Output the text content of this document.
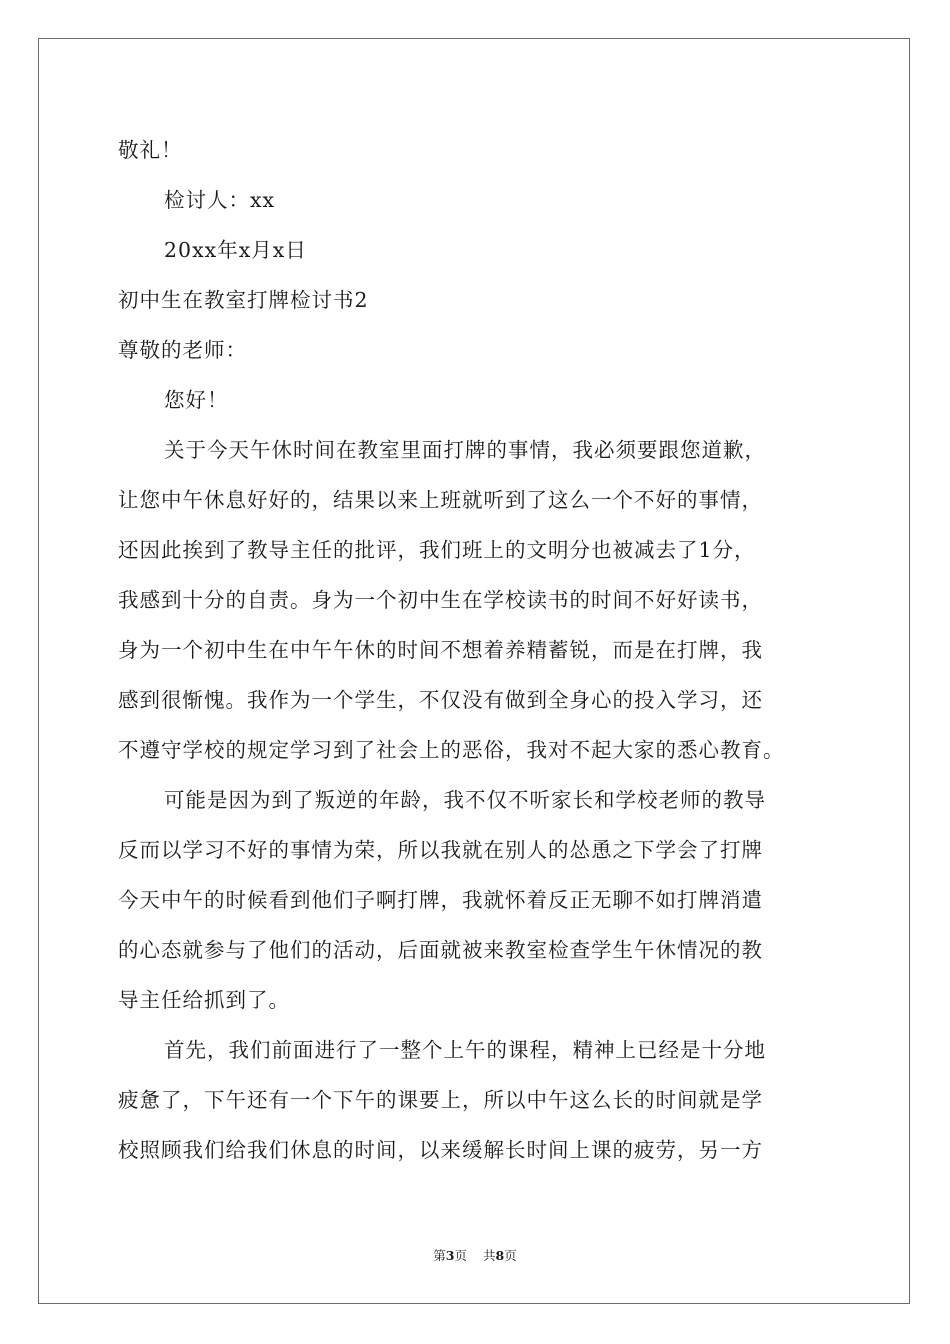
敬礼！
检讨人：xx
20xx年x月x日
初中生在教室打牌检讨书2
尊敬的老师：
您好！
关于今天午休时间在教室里面打牌的事情，我必须要跟您道歉，
让您中午休息好好的，结果以来上班就听到了这么一个不好的事情，
还因此挨到了教导主任的批评，我们班上的文明分也被减去了1分，
我感到十分的自责。身为一个初中生在学校读书的时间不好好读书，
身为一个初中生在中午午休的时间不想着养精蓄锐，而是在打牌，我
感到很惭愧。我作为一个学生，不仅没有做到全身心的投入学习，还
不遵守学校的规定学习到了社会上的恶俗，我对不起大家的悉心教育。
可能是因为到了叛逆的年龄，我不仅不听家长和学校老师的教导
反而以学习不好的事情为荣，所以我就在别人的怂恿之下学会了打牌
今天中午的时候看到他们子啊打牌，我就怀着反正无聊不如打牌消遣
的心态就参与了他们的活动，后面就被来教室检查学生午休情况的教
导主任给抓到了。
首先，我们前面进行了一整个上午的课程，精神上已经是十分地
疲惫了，下午还有一个下午的课要上，所以中午这么长的时间就是学
校照顾我们给我们休息的时间，以来缓解长时间上课的疲劳，另一方
第3页 共8页
